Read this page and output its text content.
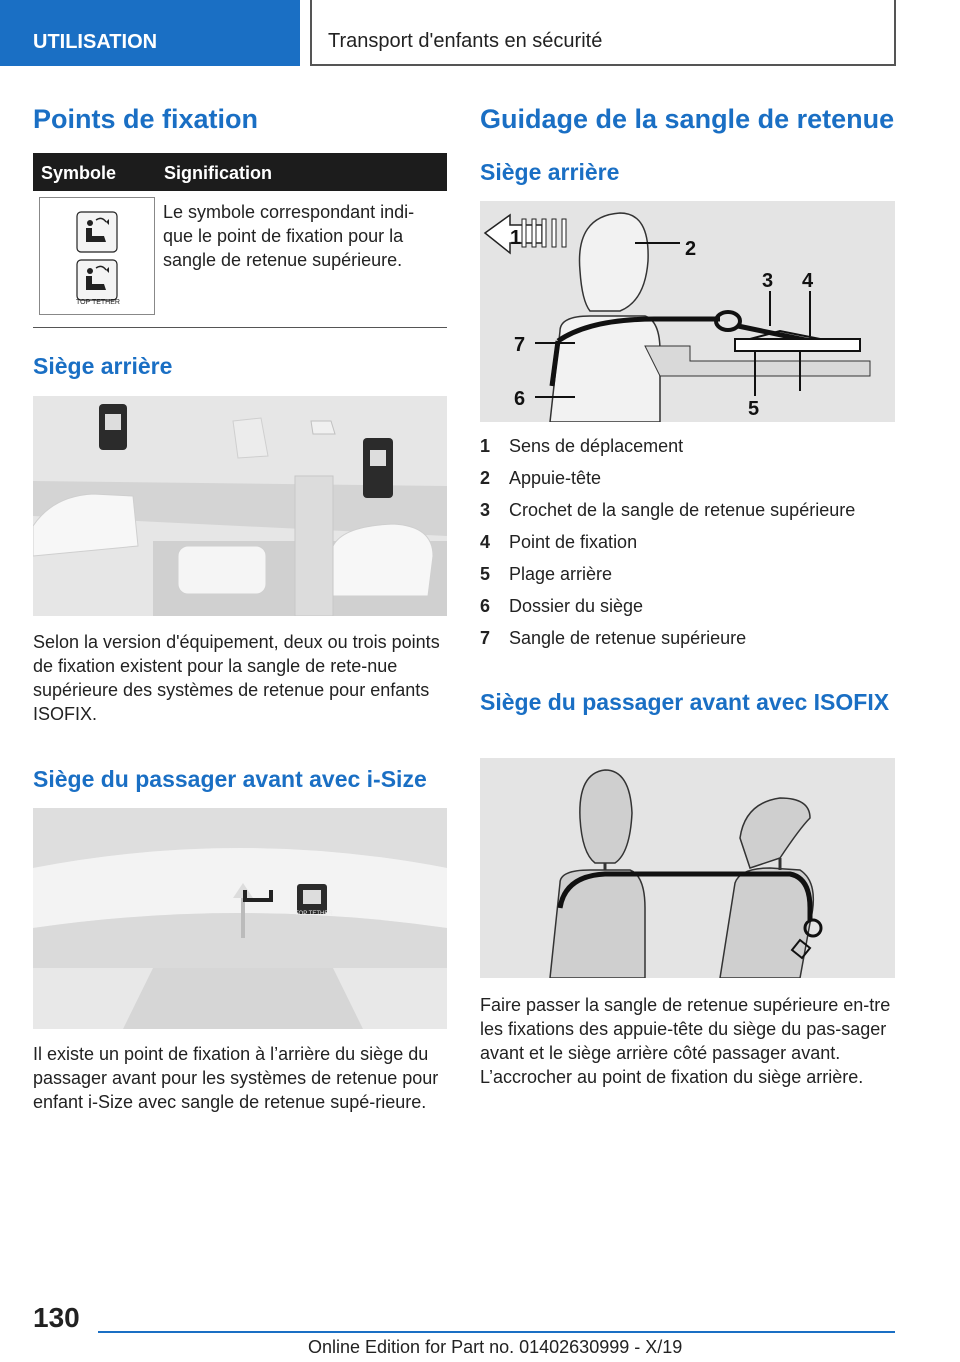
UTILISATION	Transport d'enfants en sécurité
Points de fixation
Symbole	Signification
TOP TETHER
Le symbole correspondant indi-que le point de fixation pour la sangle de retenue supérieure.
Siège arrière
Selon la version d'équipement, deux ou trois points de fixation existent pour la sangle de rete-nue supérieure des systèmes de retenue pour enfants ISOFIX.
Siège du passager avant avec i-Size
TOP TETHER
Il existe un point de fixation à l’arrière du siège du passager avant pour les systèmes de retenue pour enfant i-Size avec sangle de retenue supé-rieure.
Guidage de la sangle de retenue
Siège arrière
1	2
3 4
5
6
7
1 Sens de déplacement
2 Appuie-tête
3 Crochet de la sangle de retenue supérieure
4 Point de fixation
5 Plage arrière
6 Dossier du siège
7 Sangle de retenue supérieure
Siège du passager avant avec ISOFIX
Faire passer la sangle de retenue supérieure en-tre les fixations des appuie-tête du siège du pas-sager avant et le siège arrière côté passager avant. L’accrocher au point de fixation du siège arrière.
130
Online Edition for Part no. 01402630999 - X/19
